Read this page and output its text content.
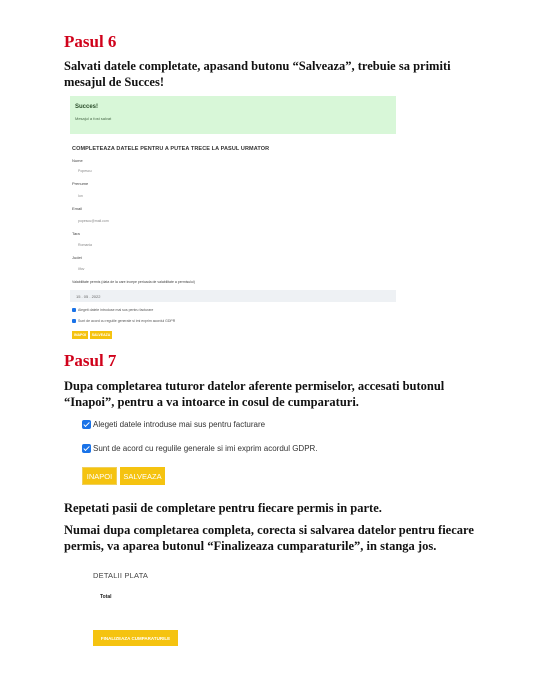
Pasul 6
Salvati datele completate, apasand butonu “Salveaza”, trebuie sa primiti
mesajul de Succes!
Succes!
Mesajul a fost salvat
COMPLETEAZA DATELE PENTRU A PUTEA TRECE LA PASUL URMATOR
Nume
Popescu
Prenume
Ion
Email
popescu@mail.com
Tara
Romania
Judet
Ilfov
Valabilitate permis (data de la care incepe perioada de valabilitate a permisului)
15 . 05 . 2022
Alegeti datele introduse mai sus pentru facturare
Sunt de acord cu regulile generale si imi exprim acordul GDPR
INAPOI	SALVEAZA
Pasul 7
Dupa completarea tuturor datelor aferente permiselor, accesati butonul
“Inapoi”, pentru a va intoarce in cosul de cumparaturi.
Alegeti datele introduse mai sus pentru facturare
Sunt de acord cu regulile generale si imi exprim acordul GDPR.
INAPOI	SALVEAZA
Repetati pasii de completare pentru fiecare permis in parte.
Numai dupa completarea completa, corecta si salvarea datelor pentru fiecare
permis, va aparea butonul “Finalizeaza cumparaturile”, in stanga jos.
DETALII PLATA
Total
FINALIZEAZA CUMPARATURILE
